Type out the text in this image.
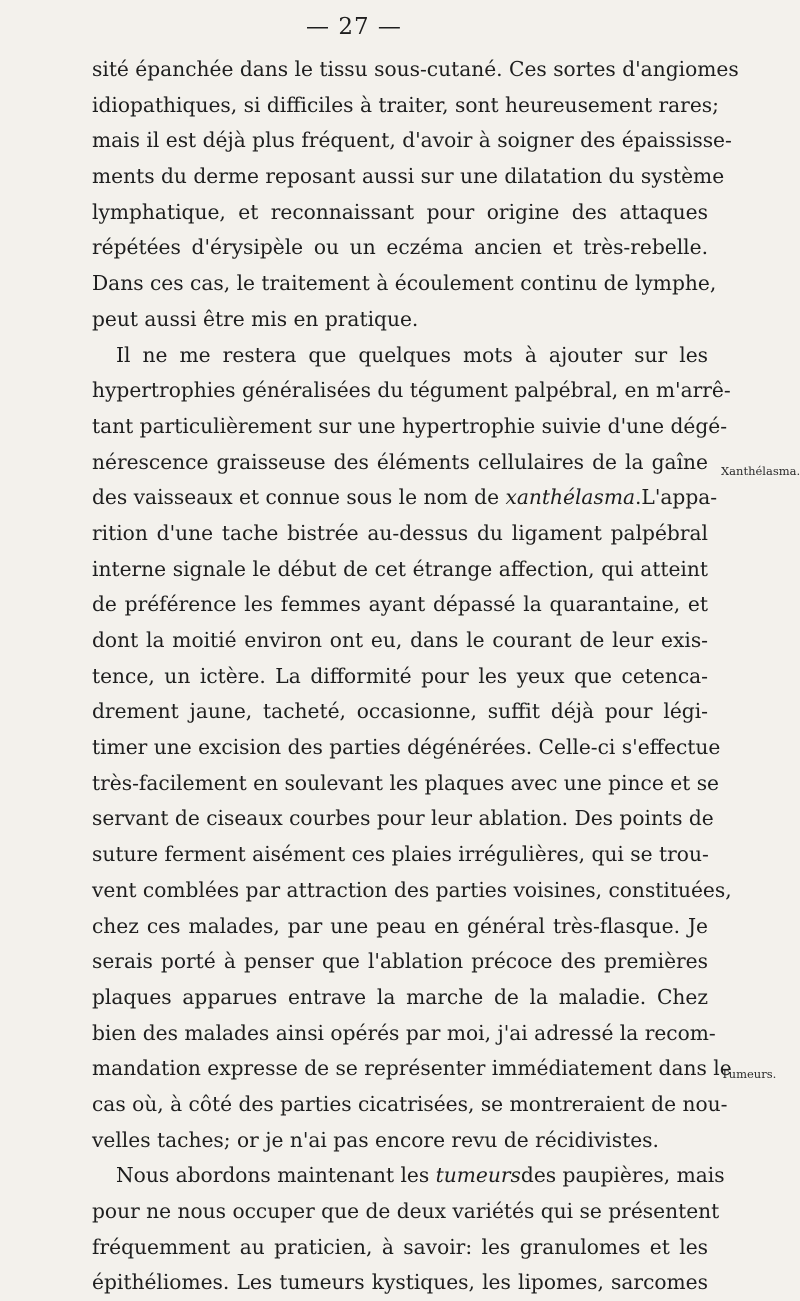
— 27 —
sité épanchée dans le tissu sous-cutané. Ces sortes d'angiomes
idiopathiques, si difficiles à traiter, sont heureusement rares;
mais il est déjà plus fréquent, d'avoir à soigner des épaississe-
ments du derme reposant aussi sur une dilatation du système
lymphatique, et reconnaissant pour origine des attaques
répétées d'érysipèle ou un eczéma ancien et très-rebelle.
Dans ces cas, le traitement à écoulement continu de lymphe,
peut aussi être mis en pratique.
Il ne me restera que quelques mots à ajouter sur les
hypertrophies généralisées du tégument palpébral, en m'arrê-
tant particulièrement sur une hypertrophie suivie d'une dégé-
nérescence graisseuse des éléments cellulaires de la gaîne
des vaisseaux et connue sous le nom de xanthélasma.L'appa-
rition d'une tache bistrée au-dessus du ligament palpébral
interne signale le début de cet étrange affection, qui atteint
de préférence les femmes ayant dépassé la quarantaine, et
dont la moitié environ ont eu, dans le courant de leur exis-
tence, un ictère. La difformité pour les yeux que cetenca-
drement jaune, tacheté, occasionne, suffit déjà pour légi-
timer une excision des parties dégénérées. Celle-ci s'effectue
très-facilement en soulevant les plaques avec une pince et se
servant de ciseaux courbes pour leur ablation. Des points de
suture ferment aisément ces plaies irrégulières, qui se trou-
vent comblées par attraction des parties voisines, constituées,
chez ces malades, par une peau en général très-flasque. Je
serais porté à penser que l'ablation précoce des premières
plaques apparues entrave la marche de la maladie. Chez
bien des malades ainsi opérés par moi, j'ai adressé la recom-
mandation expresse de se représenter immédiatement dans le
cas où, à côté des parties cicatrisées, se montreraient de nou-
velles taches; or je n'ai pas encore revu de récidivistes.
Nous abordons maintenant les tumeursdes paupières, mais
pour ne nous occuper que de deux variétés qui se présentent
fréquemment au praticien, à savoir: les granulomes et les
épithéliomes. Les tumeurs kystiques, les lipomes, sarcomes
Xanthélasma.
Tumeurs.
